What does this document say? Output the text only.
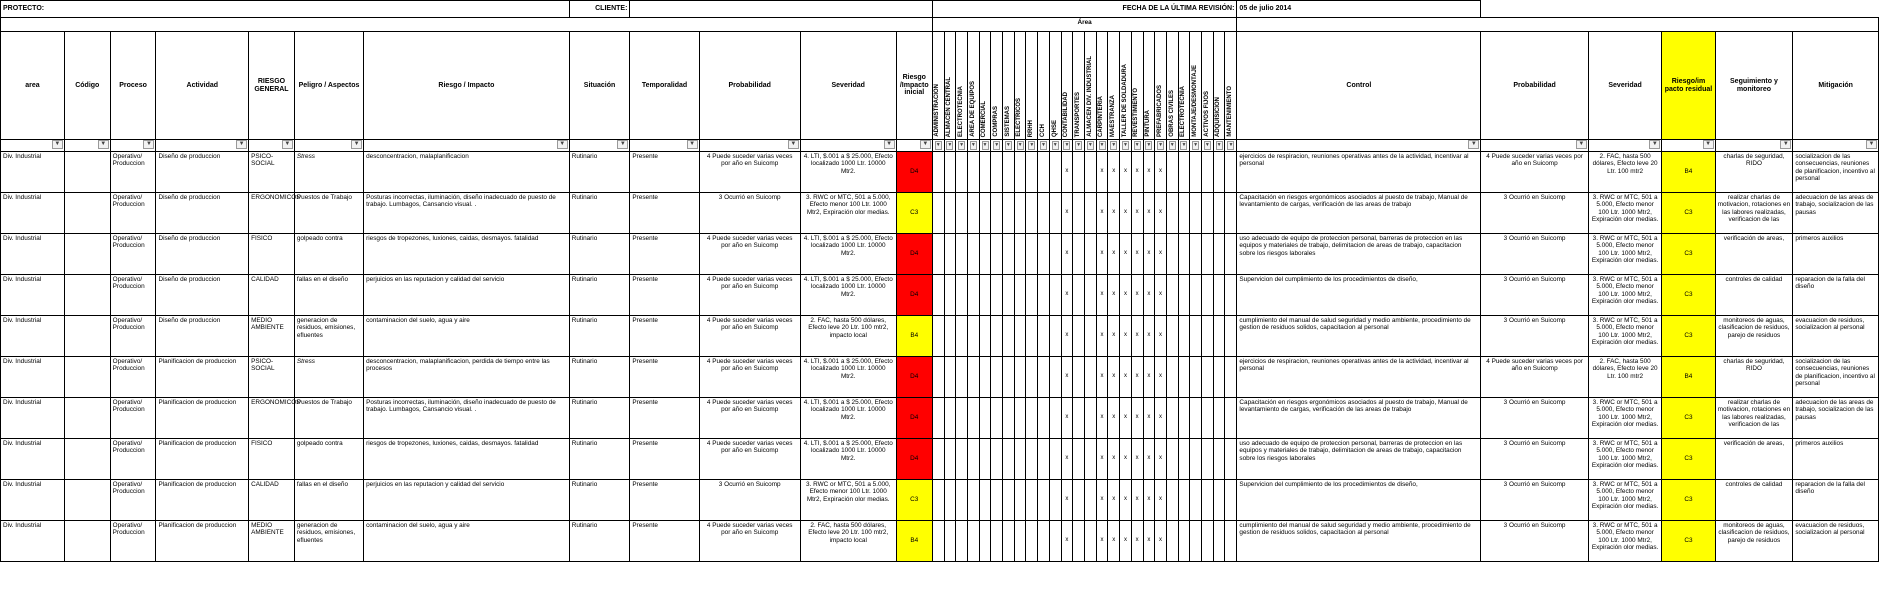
PROTECTO:							CLIENTE:					FECHA DE LA ÚLTIMA REVISIÓN:																										05 de julio 2014					
												Área																															
area	Código	Proceso	Actividad	RIESGO GENERAL	Peligro / Aspectos	Riesgo / Impacto	Situación	Temporalidad	Probabilidad	Severidad	Riesgo /Impacto inicial	ADMINISTRACION	ALMACEN CENTRAL	ELECTROTECNIA	AREA DE EQUIPOS	COMERCIAL	COMPRAS	SISTEMAS	ELECTRICOS	RRHH	CCH	QHSE	CONTABILIDAD	TRANSPORTES	ALMACEN DIV. INDUSTRIAL	CARPINTERIA	MAESTRANZA	TALLER DE SOLDADURA	REVESTIMIENTO	PINTURA	PREFABRICADOS	OBRAS CIVILES	ELECTROTECNIA	MONTAJE/DESMONTAJE	ACTIVOS FIJOS	ADQUISICION	MANTENIMIENTO	Control	Probabilidad	Severidad	Riesgo/im pacto residual	Seguimiento y monitoreo	Mitigación

▼	▼	▼	▼	▼	▼	▼	▼	▼	▼	▼	▼	▼	▼	▼	▼	▼	▼	▼	▼	▼	▼	▼	▼	▼	▼	▼	▼	▼	▼	▼	▼	▼	▼	▼	▼	▼	▼	▼	▼	▼	▼	▼	▼

Div. Industrial		Operativo/ Produccion	Diseño de produccion	PSICO-SOCIAL	Stress	desconcentracion, malaplanificacion	Rutinario	Presente	4 Puede suceder varias veces por año en Suicomp	4. LTI, $.001 a $ 25.000, Efecto localizado 1000 Ltr. 10000 Mtr2.	D4												x			x	x	x	x	x	x							ejercicios de respiracion, reuniones operativas antes de la actividad, incentivar al personal	4 Puede suceder varias veces por año en Suicomp	2. FAC, hasta 500 dólares, Efecto leve 20 Ltr. 100 mtr2	B4	charlas de seguridad, RIDO	socializacion de las consecuencias, reuniones de planificacion, incentivo al personal
Div. Industrial		Operativo/ Produccion	Diseño de produccion	ERGONOMICOS	Puestos de Trabajo	Posturas incorrectas, iluminación, diseño inadecuado de puesto de trabajo. Lumbagos, Cansancio visual. .	Rutinario	Presente	3 Ocurrió en Suicomp	3. RWC or MTC, 501 a 5.000, Efecto menor 100 Ltr. 1000 Mtr2, Expiración olor medias.	C3												x			x	x	x	x	x	x							Capacitación en riesgos ergonómicos asociados al puesto de trabajo, Manual de levantamiento de cargas, verificación de las areas de trabajo	3 Ocurrió en Suicomp	3. RWC or MTC, 501 a 5.000, Efecto menor 100 Ltr. 1000 Mtr2, Expiración olor medias.	C3	realizar charlas de motivacion, rotaciones en las labores realizadas, verificacion de las	adecuacion de las areas de trabajo, socializacion de las pausas
Div. Industrial		Operativo/ Produccion	Diseño de produccion	FISICO	golpeado contra	riesgos de tropezones, luxiones, caidas, desmayos. fatalidad	Rutinario	Presente	4 Puede suceder varias veces por año en Suicomp	4. LTI, $.001 a $ 25.000, Efecto localizado 1000 Ltr. 10000 Mtr2.	D4												x			x	x	x	x	x	x							uso adecuado de equipo de proteccion personal, barreras de proteccion en las equipos y materiales de trabajo, delimitacion de areas de trabajo, capacitacion sobre los riesgos laborales	3 Ocurrió en Suicomp	3. RWC or MTC, 501 a 5.000, Efecto menor 100 Ltr. 1000 Mtr2, Expiración olor medias.	C3	verificación de areas,	primeros auxilios
Div. Industrial		Operativo/ Produccion	Diseño de produccion	CALIDAD	fallas en el diseño	perjuicios en las reputacion y calidad del servicio	Rutinario	Presente	4 Puede suceder varias veces por año en Suicomp	4. LTI, $.001 a $ 25.000, Efecto localizado 1000 Ltr. 10000 Mtr2.	D4												x			x	x	x	x	x	x							Supervicion del cumplimiento de los procedimientos de diseño,	3 Ocurrió en Suicomp	3. RWC or MTC, 501 a 5.000, Efecto menor 100 Ltr. 1000 Mtr2, Expiración olor medias.	C3	controles de calidad	reparacion de la falla del diseño
Div. Industrial		Operativo/ Produccion	Diseño de produccion	MEDIO AMBIENTE	generacion de residuos, emisiones, efluentes	contaminacion del suelo, agua y aire	Rutinario	Presente	4 Puede suceder varias veces por año en Suicomp	2. FAC, hasta 500 dólares, Efecto leve 20 Ltr. 100 mtr2, impacto local	B4												x			x	x	x	x	x	x							cumplimiento del manual de salud seguridad y medio ambiente, procedimiento de gestion de residuos solidos, capacitacion al personal	3 Ocurrió en Suicomp	3. RWC or MTC, 501 a 5.000, Efecto menor 100 Ltr. 1000 Mtr2, Expiración olor medias.	C3	monitoreos de aguas, clasificacion de residuos, parejo de residuos	evacuacion de residuos, socializacion al personal
Div. Industrial		Operativo/ Produccion	Planificacion de produccion	PSICO-SOCIAL	Stress	desconcentracion, malaplanificacion, perdida de tiempo entre las procesos	Rutinario	Presente	4 Puede suceder varias veces por año en Suicomp	4. LTI, $.001 a $ 25.000, Efecto localizado 1000 Ltr. 10000 Mtr2.	D4												x			x	x	x	x	x	x							ejercicios de respiracion, reuniones operativas antes de la actividad, incentivar al personal	4 Puede suceder varias veces por año en Suicomp	2. FAC, hasta 500 dólares, Efecto leve 20 Ltr. 100 mtr2	B4	charlas de seguridad, RIDO	socializacion de las consecuencias, reuniones de planificacion, incentivo al personal
Div. Industrial		Operativo/ Produccion	Planificacion de produccion	ERGONOMICOS	Puestos de Trabajo	Posturas incorrectas, iluminación, diseño inadecuado de puesto de trabajo. Lumbagos, Cansancio visual. .	Rutinario	Presente	4 Puede suceder varias veces por año en Suicomp	4. LTI, $.001 a $ 25.000, Efecto localizado 1000 Ltr. 10000 Mtr2.	D4												x			x	x	x	x	x	x							Capacitación en riesgos ergonómicos asociados al puesto de trabajo, Manual de levantamiento de cargas, verificación de las areas de trabajo	3 Ocurrió en Suicomp	3. RWC or MTC, 501 a 5.000, Efecto menor 100 Ltr. 1000 Mtr2, Expiración olor medias.	C3	realizar charlas de motivacion, rotaciones en las labores realizadas, verificacion de las	adecuacion de las areas de trabajo, socializacion de las pausas
Div. Industrial		Operativo/ Produccion	Planificacion de produccion	FISICO	golpeado contra	riesgos de tropezones, luxiones, caidas, desmayos. fatalidad	Rutinario	Presente	4 Puede suceder varias veces por año en Suicomp	4. LTI, $.001 a $ 25.000, Efecto localizado 1000 Ltr. 10000 Mtr2.	D4												x			x	x	x	x	x	x							uso adecuado de equipo de proteccion personal, barreras de proteccion en las equipos y materiales de trabajo, delimitacion de areas de trabajo, capacitacion sobre los riesgos laborales	3 Ocurrió en Suicomp	3. RWC or MTC, 501 a 5.000, Efecto menor 100 Ltr. 1000 Mtr2, Expiración olor medias.	C3	verificación de areas,	primeros auxilios
Div. Industrial		Operativo/ Produccion	Planificacion de produccion	CALIDAD	fallas en el diseño	perjuicios en las reputacion y calidad del servicio	Rutinario	Presente	3 Ocurrió en Suicomp	3. RWC or MTC, 501 a 5.000, Efecto menor 100 Ltr. 1000 Mtr2, Expiración olor medias.	C3												x			x	x	x	x	x	x							Supervicion del cumplimiento de los procedimientos de diseño,	3 Ocurrió en Suicomp	3. RWC or MTC, 501 a 5.000, Efecto menor 100 Ltr. 1000 Mtr2, Expiración olor medias.	C3	controles de calidad	reparacion de la falla del diseño
Div. Industrial		Operativo/ Produccion	Planificacion de produccion	MEDIO AMBIENTE	generacion de residuos, emisiones, efluentes	contaminacion del suelo, agua y aire	Rutinario	Presente	4 Puede suceder varias veces por año en Suicomp	2. FAC, hasta 500 dólares, Efecto leve 20 Ltr. 100 mtr2, impacto local	B4												x			x	x	x	x	x	x							cumplimiento del manual de salud seguridad y medio ambiente, procedimiento de gestion de residuos solidos, capacitacion al personal	3 Ocurrió en Suicomp	3. RWC or MTC, 501 a 5.000, Efecto menor 100 Ltr. 1000 Mtr2, Expiración olor medias.	C3	monitoreos de aguas, clasificacion de residuos, parejo de residuos	evacuacion de residuos, socializacion al personal
